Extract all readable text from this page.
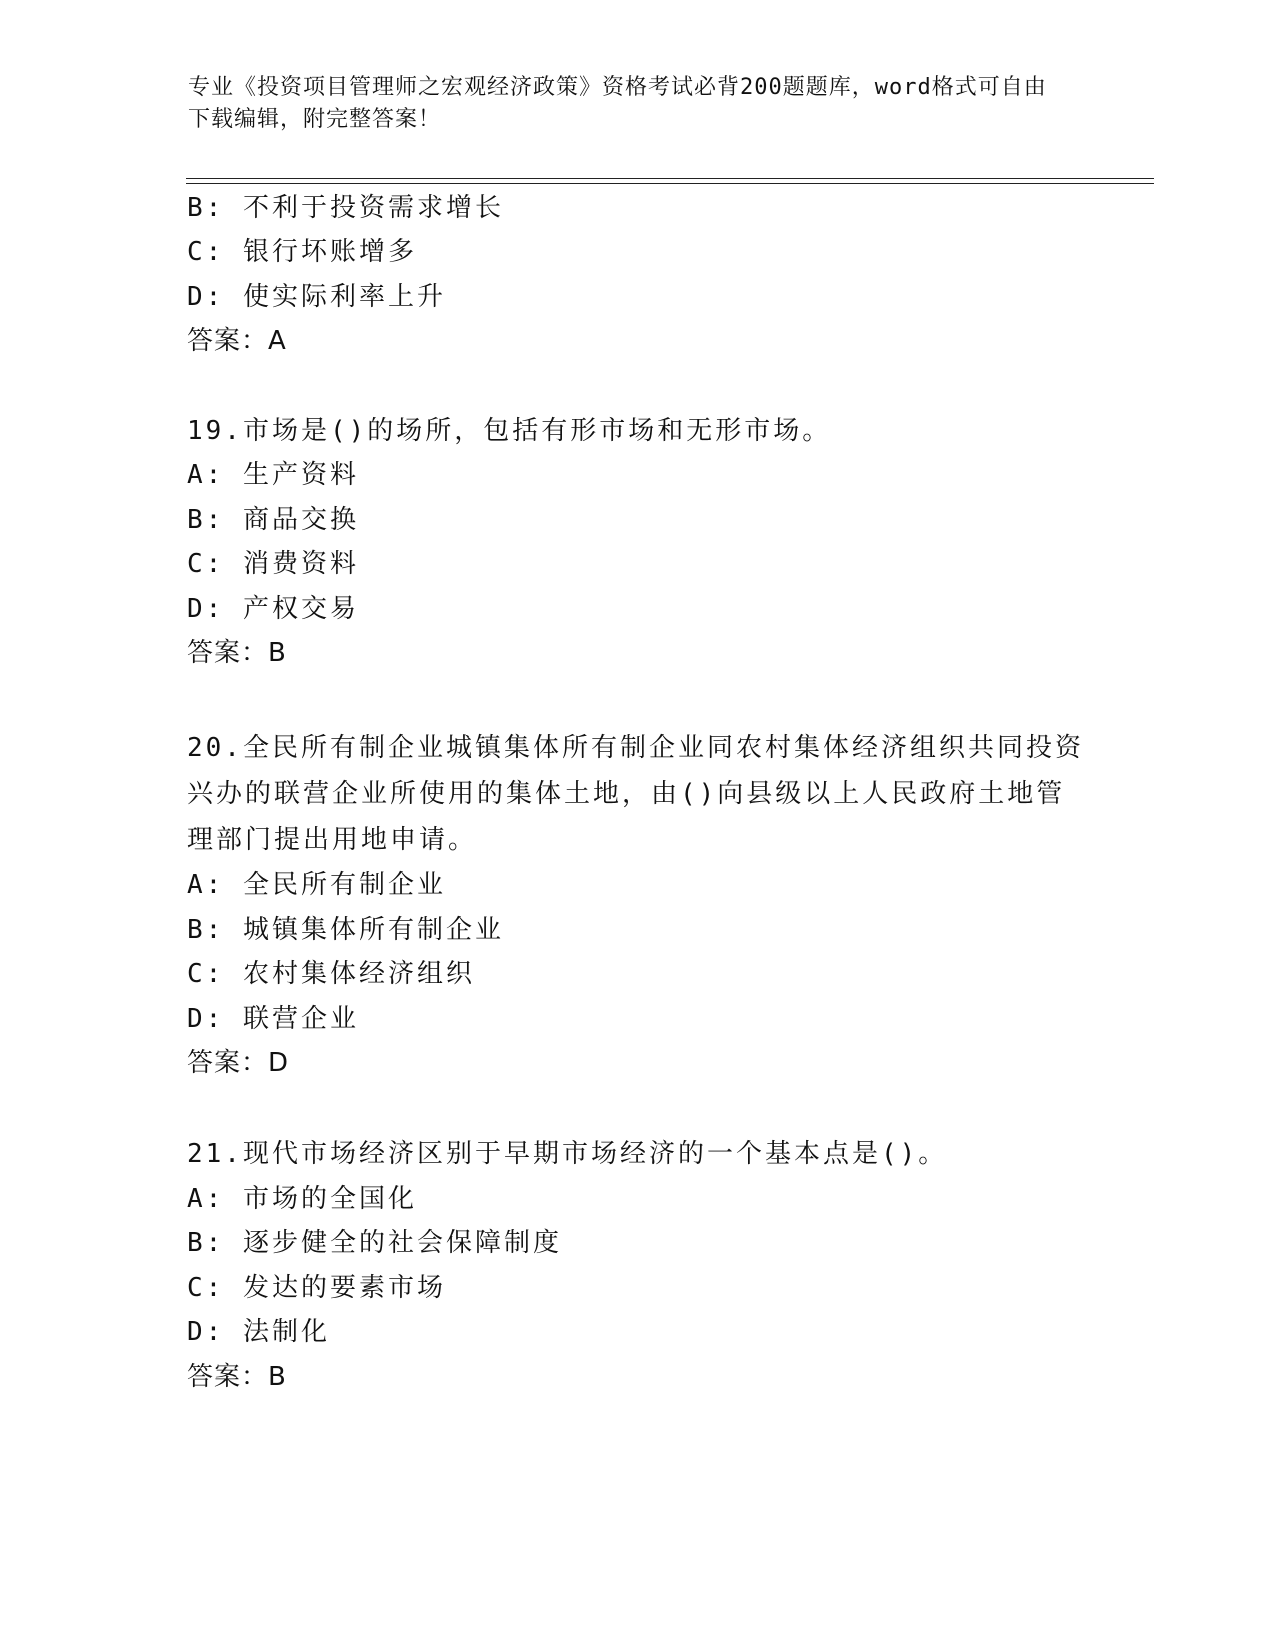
专业《投资项目管理师之宏观经济政策》资格考试必背200题题库，word格式可自由下载编辑，附完整答案！
B: 不利于投资需求增长
C: 银行坏账增多
D: 使实际利率上升
答案：A
19.市场是()的场所，包括有形市场和无形市场。
A: 生产资料
B: 商品交换
C: 消费资料
D: 产权交易
答案：B
20.全民所有制企业城镇集体所有制企业同农村集体经济组织共同投资兴办的联营企业所使用的集体土地，由()向县级以上人民政府土地管理部门提出用地申请。
A: 全民所有制企业
B: 城镇集体所有制企业
C: 农村集体经济组织
D: 联营企业
答案：D
21.现代市场经济区别于早期市场经济的一个基本点是()。
A: 市场的全国化
B: 逐步健全的社会保障制度
C: 发达的要素市场
D: 法制化
答案：B
